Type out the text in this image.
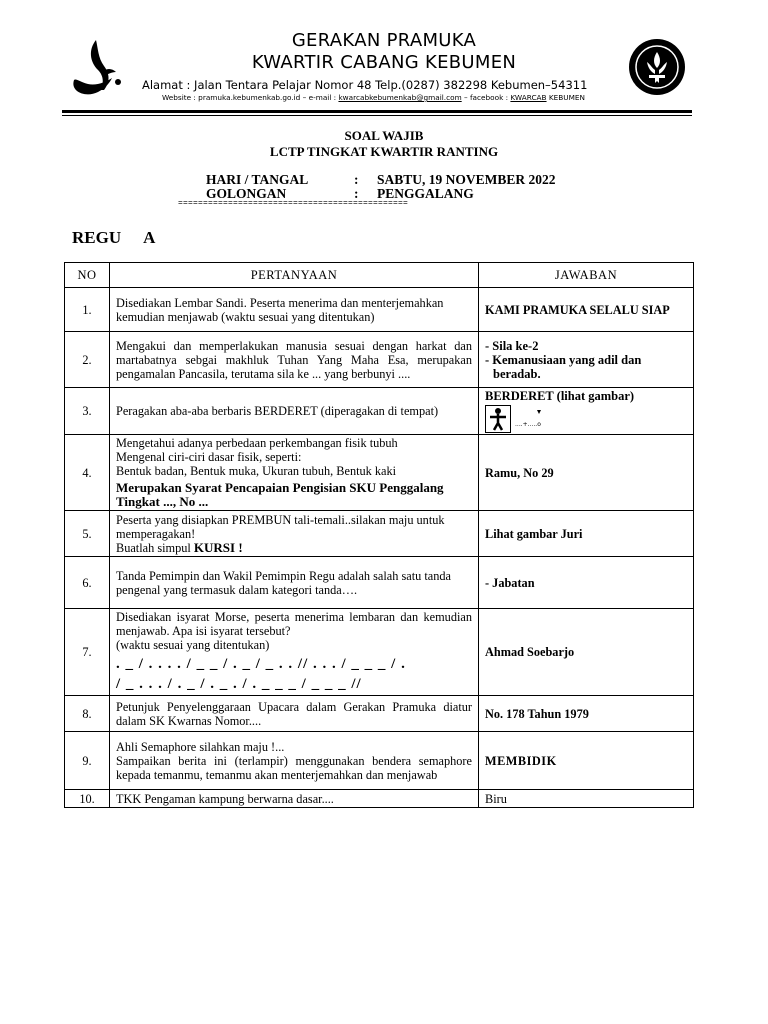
GERAKAN PRAMUKA
KWARTIR CABANG KEBUMEN
Alamat : Jalan Tentara Pelajar Nomor 48 Telp.(0287) 382298 Kebumen–54311
Website : pramuka.kebumenkab.go.id – e-mail : kwarcabkebumenkab@gmail.com – facebook : KWARCAB KEBUMEN
SOAL WAJIB
LCTP TINGKAT KWARTIR RANTING
HARI / TANGAL	: SABTU, 19 NOVEMBER 2022
GOLONGAN	: PENGGALANG
==============================================
REGU A
NO	PERTANYAAN	JAWABAN
1.	Disediakan Lembar Sandi. Peserta menerima dan menterjemahkan kemudian menjawab (waktu sesuai yang ditentukan)	KAMI PRAMUKA SELALU SIAP
2.	Mengakui dan memperlakukan manusia sesuai dengan harkat dan martabatnya sebgai makhluk Tuhan Yang Maha Esa, merupakan pengamalan Pancasila, terutama sila ke ... yang berbunyi ....	- Sila ke-2
- Kemanusiaan yang adil dan
beradab.

3.	Peragakan aba-aba berbaris BERDERET (diperagakan di tempat)	BERDERET (lihat gambar)
....+.....o

4.	Mengetahui adanya perbedaan perkembangan fisik tubuh
Mengenal ciri-ciri dasar fisik, seperti:
Bentuk badan, Bentuk muka, Ukuran tubuh, Bentuk kaki
Merupakan Syarat Pencapaian Pengisian SKU Penggalang Tingkat ..., No ...	Ramu, No 29
5.	Peserta yang disiapkan PREMBUN tali-temali..silakan maju untuk memperagakan!
Buatlah simpul KURSI !	Lihat gambar Juri
6.	Tanda Pemimpin dan Wakil Pemimpin Regu adalah salah satu tanda pengenal yang termasuk dalam kategori tanda….	- Jabatan
7.	Disediakan isyarat Morse, peserta menerima lembaran dan kemudian menjawab. Apa isi isyarat tersebut?
(waktu sesuai yang ditentukan)
. _ / . . . . / _ _ / . _ / _ . . // . . . / _ _ _ / .
/ _ . . . / . _ / . _ . / . _ _ _ / _ _ _ //	Ahmad Soebarjo
8.	Petunjuk Penyelenggaraan Upacara dalam Gerakan Pramuka diatur dalam SK Kwarnas Nomor....	No. 178 Tahun 1979
9.	Ahli Semaphore silahkan maju !...
Sampaikan berita ini (terlampir) menggunakan bendera semaphore kepada temanmu, temanmu akan menterjemahkan dan menjawab	MEMBIDIK
10.	TKK Pengaman kampung berwarna dasar....	Biru
